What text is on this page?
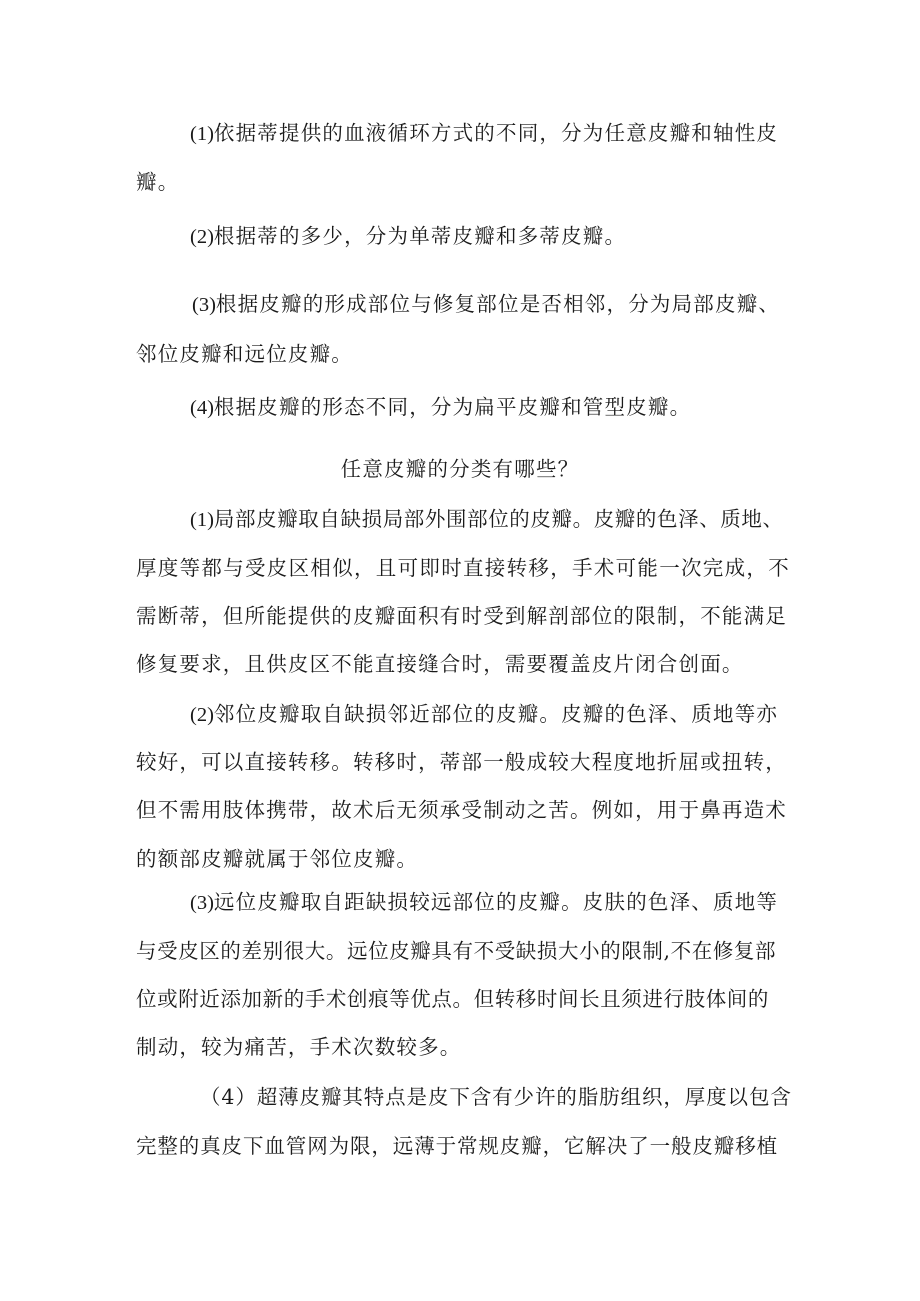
(1)依据蒂提供的血液循环方式的不同，分为任意皮瓣和轴性皮
瓣。
(2)根据蒂的多少，分为单蒂皮瓣和多蒂皮瓣。
(3)根据皮瓣的形成部位与修复部位是否相邻，分为局部皮瓣、
邻位皮瓣和远位皮瓣。
(4)根据皮瓣的形态不同，分为扁平皮瓣和管型皮瓣。
任意皮瓣的分类有哪些？
(1)局部皮瓣取自缺损局部外围部位的皮瓣。皮瓣的色泽、质地、
厚度等都与受皮区相似，且可即时直接转移，手术可能一次完成，不
需断蒂，但所能提供的皮瓣面积有时受到解剖部位的限制，不能满足
修复要求，且供皮区不能直接缝合时，需要覆盖皮片闭合创面。
(2)邻位皮瓣取自缺损邻近部位的皮瓣。皮瓣的色泽、质地等亦
较好，可以直接转移。转移时，蒂部一般成较大程度地折屈或扭转，
但不需用肢体携带，故术后无须承受制动之苦。例如，用于鼻再造术
的额部皮瓣就属于邻位皮瓣。
(3)远位皮瓣取自距缺损较远部位的皮瓣。皮肤的色泽、质地等
与受皮区的差别很大。远位皮瓣具有不受缺损大小的限制,不在修复部
位或附近添加新的手术创痕等优点。但转移时间长且须进行肢体间的
制动，较为痛苦，手术次数较多。
（4）超薄皮瓣其特点是皮下含有少许的脂肪组织，厚度以包含
完整的真皮下血管网为限，远薄于常规皮瓣，它解决了一般皮瓣移植
